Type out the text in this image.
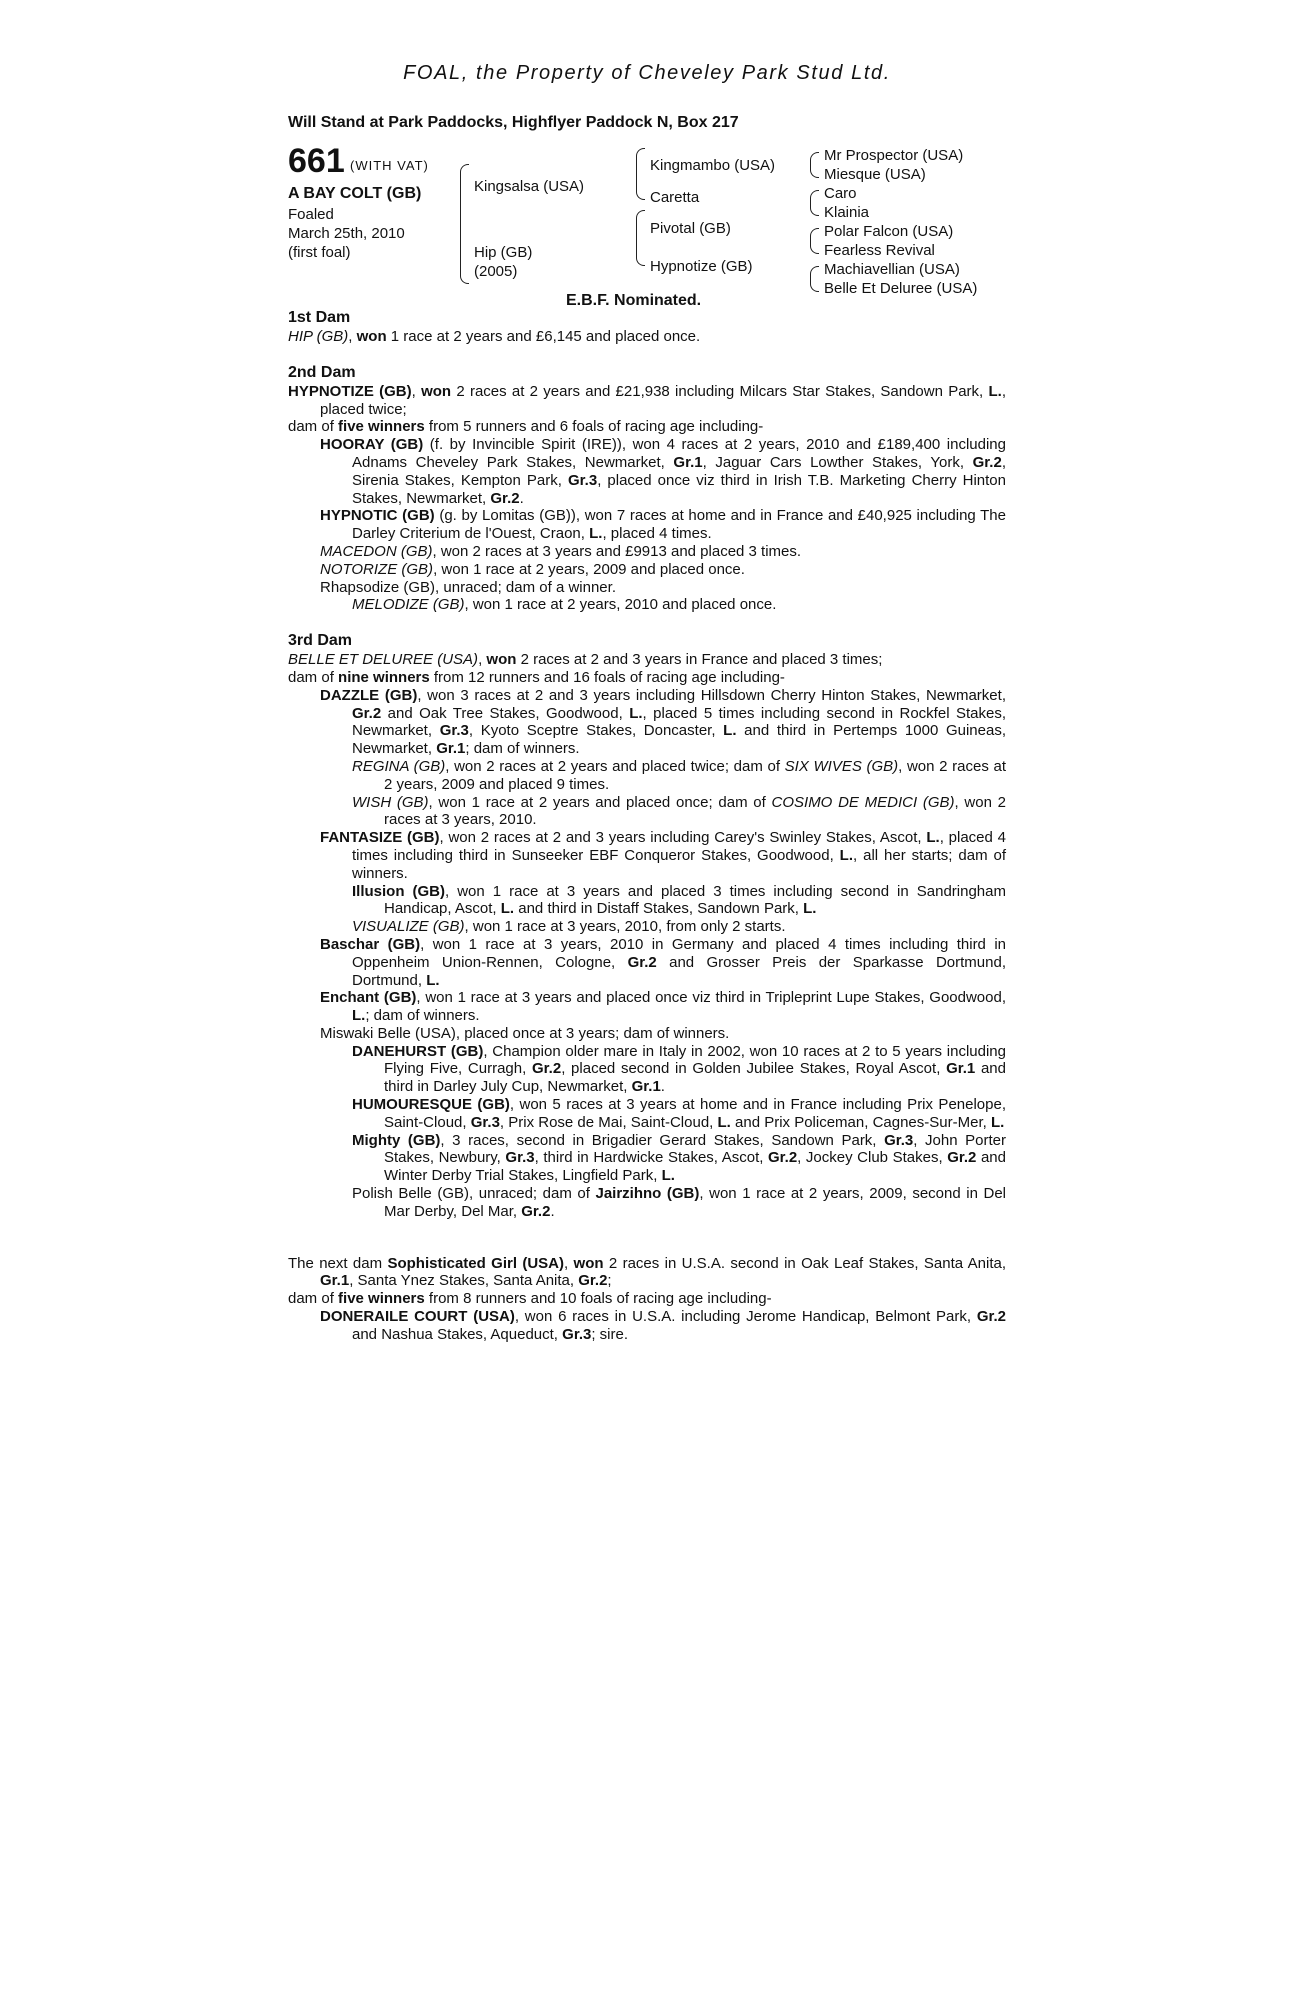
FOAL, the Property of Cheveley Park Stud Ltd.
Will Stand at Park Paddocks, Highflyer Paddock N, Box 217
661 (WITH VAT)
A BAY COLT (GB)
Foaled
March 25th, 2010
(first foal)
Kingsalsa (USA)
Hip (GB)
(2005)
Kingmambo (USA)
Caretta
Pivotal (GB)
Hypnotize (GB)
Mr Prospector (USA)
Miesque (USA)
Caro
Klainia
Polar Falcon (USA)
Fearless Revival
Machiavellian (USA)
Belle Et Deluree (USA)
E.B.F. Nominated.
1st Dam

HIP (GB), won 1 race at 2 years and £6,145 and placed once.

2nd Dam

HYPNOTIZE (GB), won 2 races at 2 years and £21,938 including Milcars Star Stakes, Sandown Park, L., placed twice;

dam of five winners from 5 runners and 6 foals of racing age including-

HOORAY (GB) (f. by Invincible Spirit (IRE)), won 4 races at 2 years, 2010 and £189,400 including Adnams Cheveley Park Stakes, Newmarket, Gr.1, Jaguar Cars Lowther Stakes, York, Gr.2, Sirenia Stakes, Kempton Park, Gr.3, placed once viz third in Irish T.B. Marketing Cherry Hinton Stakes, Newmarket, Gr.2.

HYPNOTIC (GB) (g. by Lomitas (GB)), won 7 races at home and in France and £40,925 including The Darley Criterium de l'Ouest, Craon, L., placed 4 times.

MACEDON (GB), won 2 races at 3 years and £9913 and placed 3 times.

NOTORIZE (GB), won 1 race at 2 years, 2009 and placed once.

Rhapsodize (GB), unraced; dam of a winner.

MELODIZE (GB), won 1 race at 2 years, 2010 and placed once.

3rd Dam

BELLE ET DELUREE (USA), won 2 races at 2 and 3 years in France and placed 3 times;

dam of nine winners from 12 runners and 16 foals of racing age including-

DAZZLE (GB), won 3 races at 2 and 3 years including Hillsdown Cherry Hinton Stakes, Newmarket, Gr.2 and Oak Tree Stakes, Goodwood, L., placed 5 times including second in Rockfel Stakes, Newmarket, Gr.3, Kyoto Sceptre Stakes, Doncaster, L. and third in Pertemps 1000 Guineas, Newmarket, Gr.1; dam of winners.

REGINA (GB), won 2 races at 2 years and placed twice; dam of SIX WIVES (GB), won 2 races at 2 years, 2009 and placed 9 times.

WISH (GB), won 1 race at 2 years and placed once; dam of COSIMO DE MEDICI (GB), won 2 races at 3 years, 2010.

FANTASIZE (GB), won 2 races at 2 and 3 years including Carey's Swinley Stakes, Ascot, L., placed 4 times including third in Sunseeker EBF Conqueror Stakes, Goodwood, L., all her starts; dam of winners.

Illusion (GB), won 1 race at 3 years and placed 3 times including second in Sandringham Handicap, Ascot, L. and third in Distaff Stakes, Sandown Park, L.

VISUALIZE (GB), won 1 race at 3 years, 2010, from only 2 starts.

Baschar (GB), won 1 race at 3 years, 2010 in Germany and placed 4 times including third in Oppenheim Union-Rennen, Cologne, Gr.2 and Grosser Preis der Sparkasse Dortmund, Dortmund, L.

Enchant (GB), won 1 race at 3 years and placed once viz third in Tripleprint Lupe Stakes, Goodwood, L.; dam of winners.

Miswaki Belle (USA), placed once at 3 years; dam of winners.

DANEHURST (GB), Champion older mare in Italy in 2002, won 10 races at 2 to 5 years including Flying Five, Curragh, Gr.2, placed second in Golden Jubilee Stakes, Royal Ascot, Gr.1 and third in Darley July Cup, Newmarket, Gr.1.

HUMOURESQUE (GB), won 5 races at 3 years at home and in France including Prix Penelope, Saint-Cloud, Gr.3, Prix Rose de Mai, Saint-Cloud, L. and Prix Policeman, Cagnes-Sur-Mer, L.

Mighty (GB), 3 races, second in Brigadier Gerard Stakes, Sandown Park, Gr.3, John Porter Stakes, Newbury, Gr.3, third in Hardwicke Stakes, Ascot, Gr.2, Jockey Club Stakes, Gr.2 and Winter Derby Trial Stakes, Lingfield Park, L.

Polish Belle (GB), unraced; dam of Jairzihno (GB), won 1 race at 2 years, 2009, second in Del Mar Derby, Del Mar, Gr.2.

The next dam Sophisticated Girl (USA), won 2 races in U.S.A. second in Oak Leaf Stakes, Santa Anita, Gr.1, Santa Ynez Stakes, Santa Anita, Gr.2;

dam of five winners from 8 runners and 10 foals of racing age including-

DONERAILE COURT (USA), won 6 races in U.S.A. including Jerome Handicap, Belmont Park, Gr.2 and Nashua Stakes, Aqueduct, Gr.3; sire.
